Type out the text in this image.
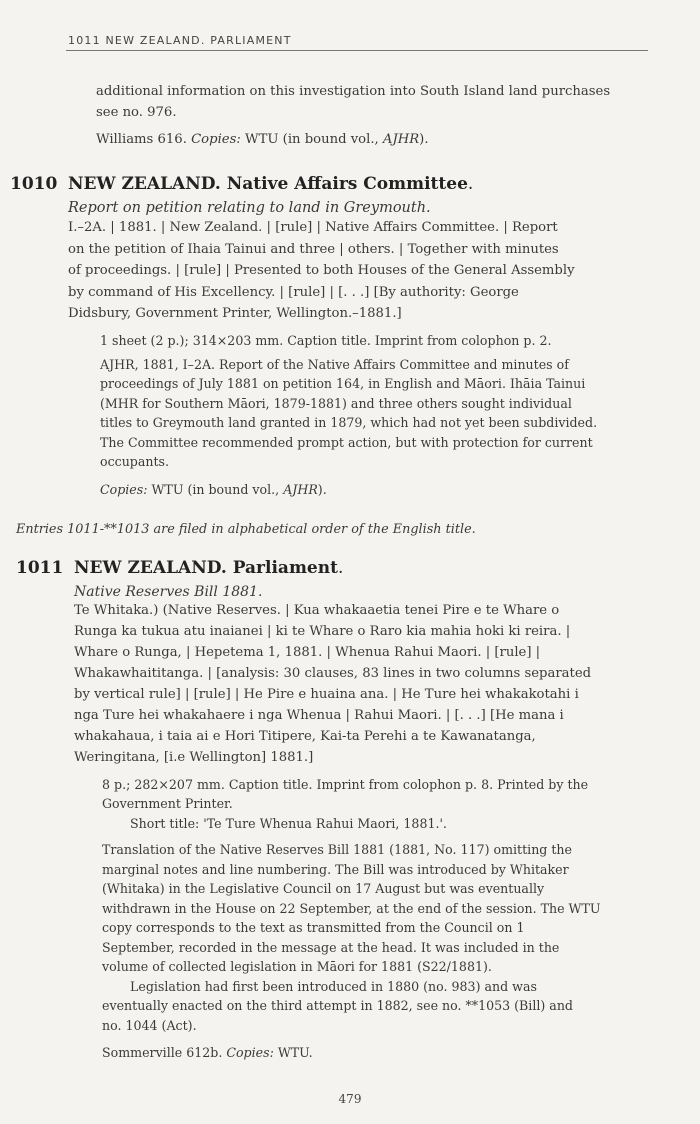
1011 NEW ZEALAND. PARLIAMENT

additional information on this investigation into South Island land purchases

see no. 976.

Williams 616. Copies: WTU (in bound vol., AJHR).

1010 NEW ZEALAND. Native Affairs Committee.

Report on petition relating to land in Greymouth.

I.–2A. | 1881. | New Zealand. | [rule] | Native Affairs Committee. | Report

on the petition of Ihaia Tainui and three | others. | Together with minutes

of proceedings. | [rule] | Presented to both Houses of the General Assembly

by command of His Excellency. | [rule] | [. . .] [By authority: George

Didsbury, Government Printer, Wellington.–1881.]

1 sheet (2 p.); 314×203 mm. Caption title. Imprint from colophon p. 2.

AJHR, 1881, I–2A. Report of the Native Affairs Committee and minutes of

proceedings of July 1881 on petition 164, in English and Māori. Ihāia Tainui

(MHR for Southern Māori, 1879-1881) and three others sought individual

titles to Greymouth land granted in 1879, which had not yet been subdivided.

The Committee recommended prompt action, but with protection for current

occupants.

Copies: WTU (in bound vol., AJHR).

Entries 1011-**1013 are filed in alphabetical order of the English title.

1011 NEW ZEALAND. Parliament.

Native Reserves Bill 1881.

Te Whitaka.) (Native Reserves. | Kua whakaaetia tenei Pire e te Whare o

Runga ka tukua atu inaianei | ki te Whare o Raro kia mahia hoki ki reira. |

Whare o Runga, | Hepetema 1, 1881. | Whenua Rahui Maori. | [rule] |

Whakawhaititanga. | [analysis: 30 clauses, 83 lines in two columns separated

by vertical rule] | [rule] | He Pire e huaina ana. | He Ture hei whakakotahi i

nga Ture hei whakahaere i nga Whenua | Rahui Maori. | [. . .] [He mana i

whakahaua, i taia ai e Hori Titipere, Kai-ta Perehi a te Kawanatanga,

Weringitana, [i.e Wellington] 1881.]

8 p.; 282×207 mm. Caption title. Imprint from colophon p. 8. Printed by the

Government Printer.

Short title: 'Te Ture Whenua Rahui Maori, 1881.'.

Translation of the Native Reserves Bill 1881 (1881, No. 117) omitting the

marginal notes and line numbering. The Bill was introduced by Whitaker

(Whitaka) in the Legislative Council on 17 August but was eventually

withdrawn in the House on 22 September, at the end of the session. The WTU

copy corresponds to the text as transmitted from the Council on 1

September, recorded in the message at the head. It was included in the

volume of collected legislation in Māori for 1881 (S22/1881).

Legislation had first been introduced in 1880 (no. 983) and was

eventually enacted on the third attempt in 1882, see no. **1053 (Bill) and

no. 1044 (Act).

Sommerville 612b. Copies: WTU.

479
